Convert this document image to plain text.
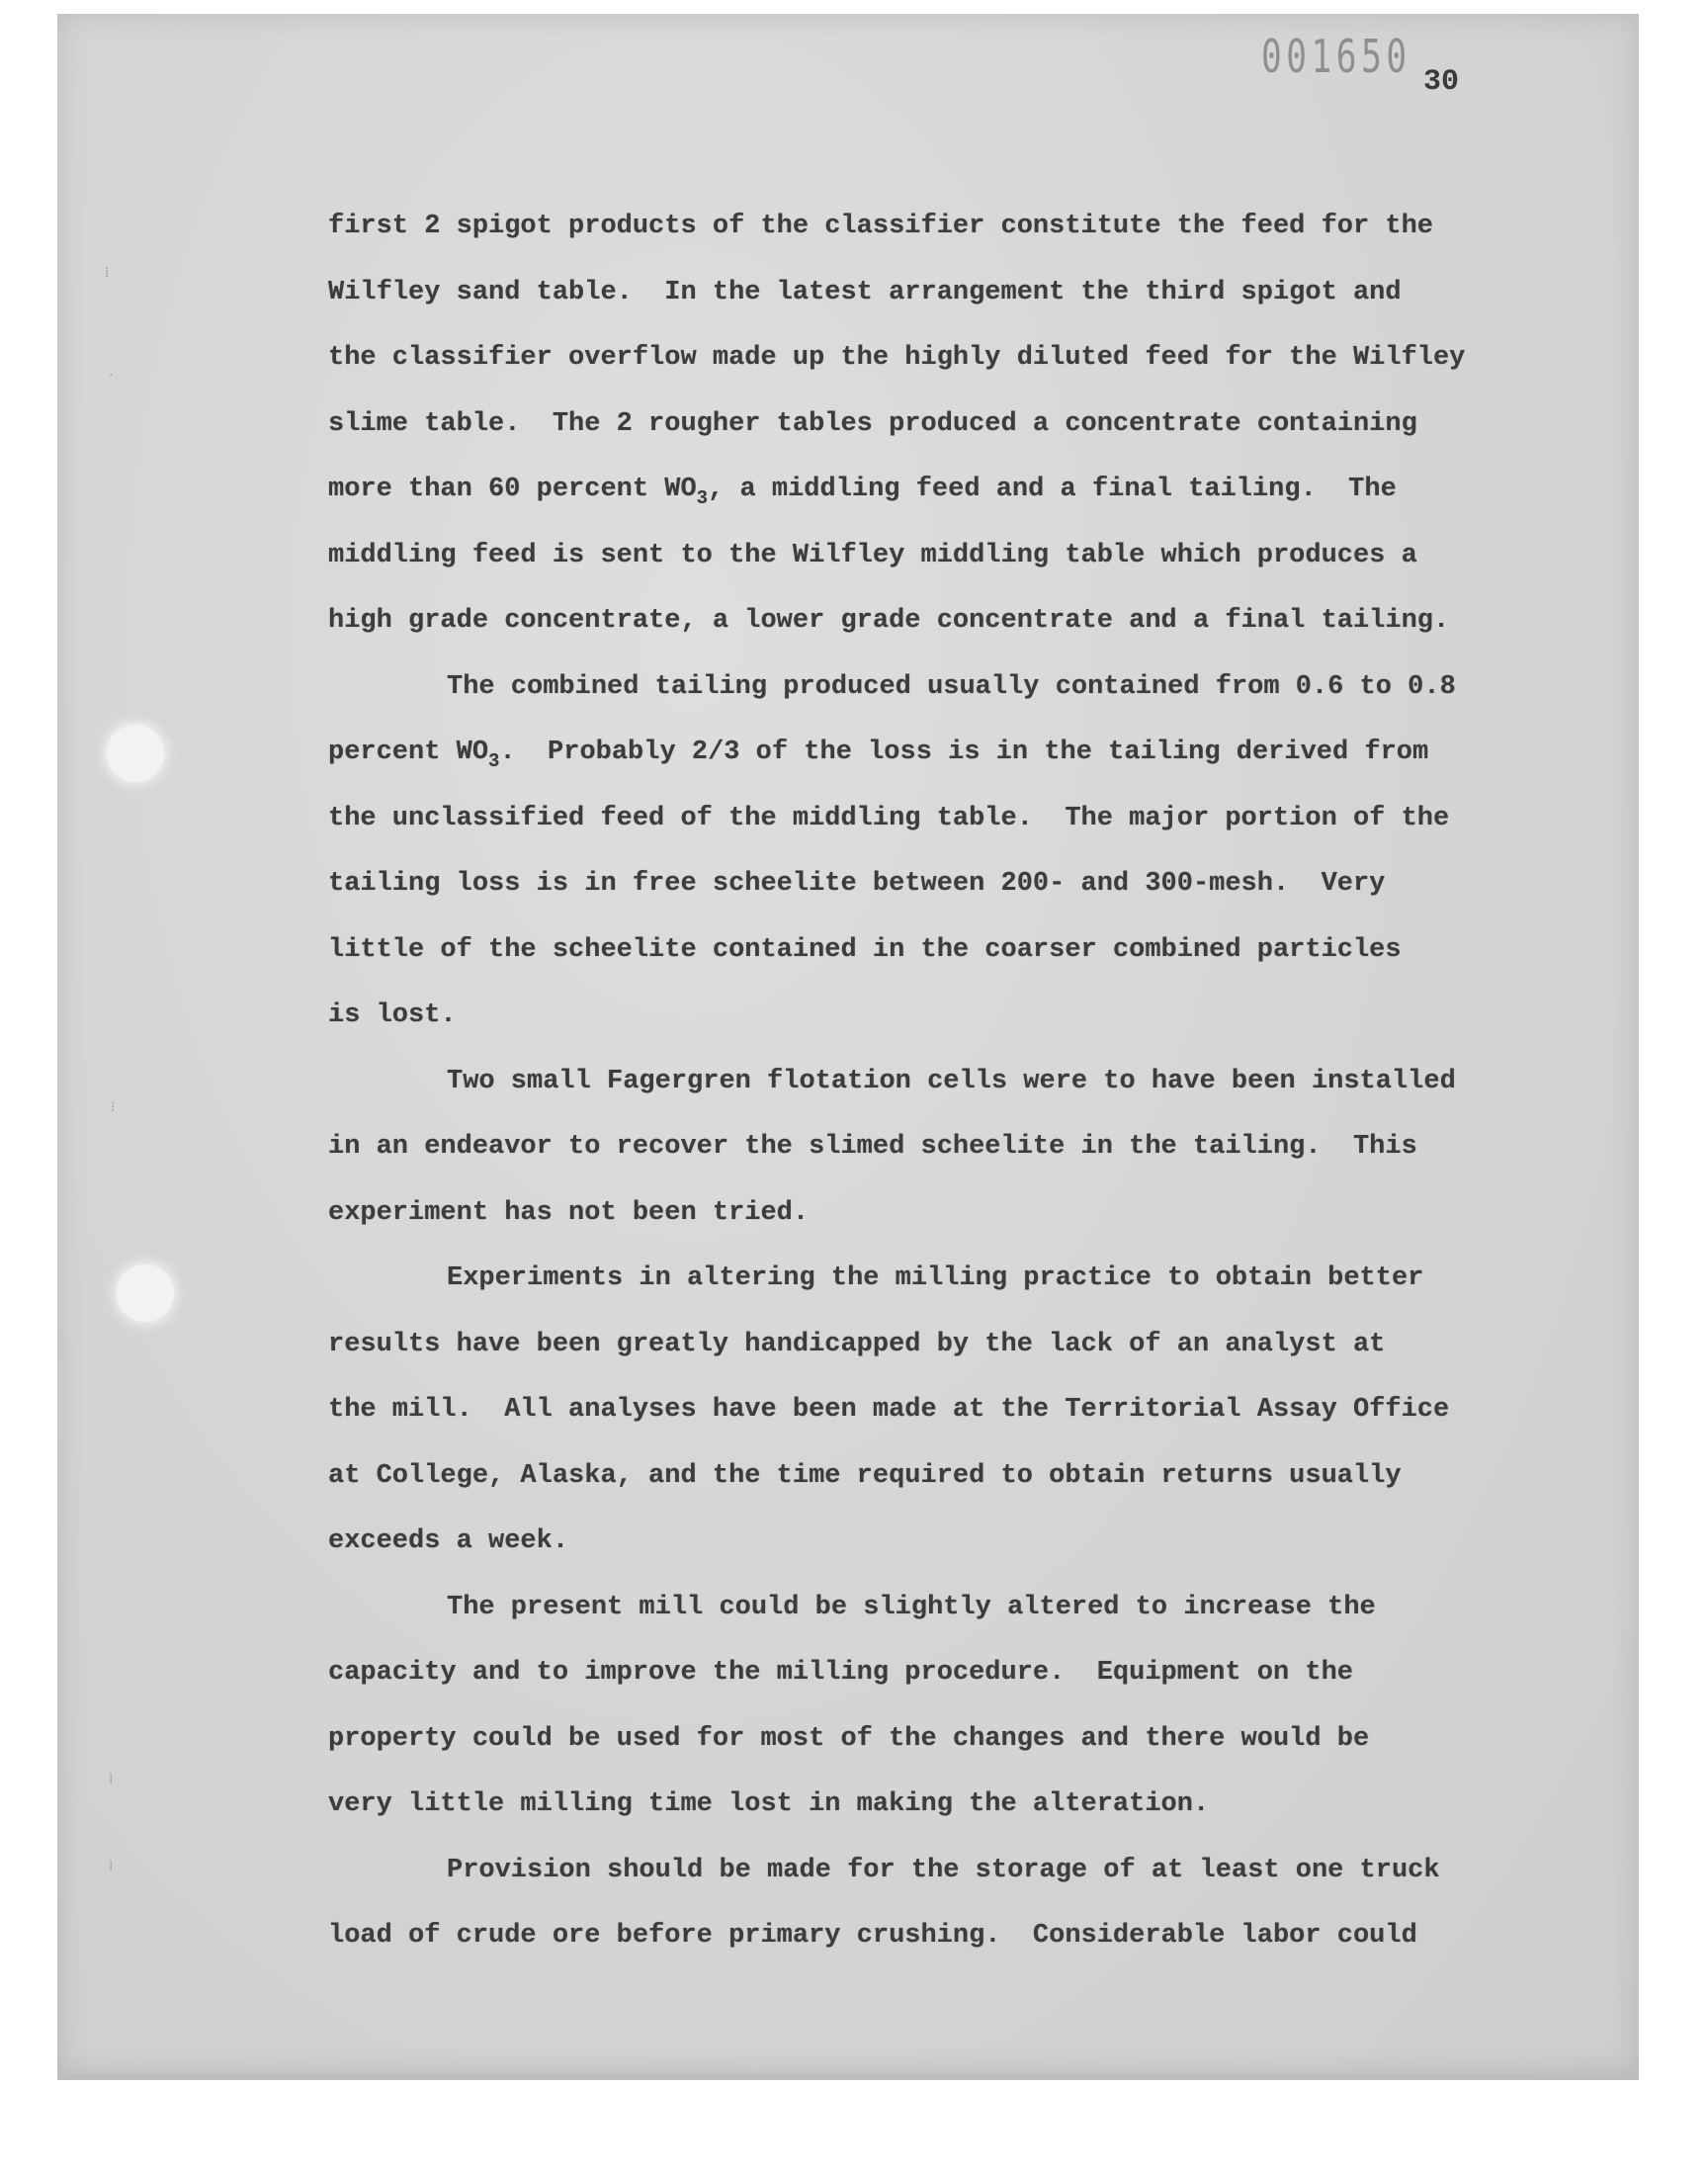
⁞
·
⁝
⁞
⁞
001650 30
first 2 spigot products of the classifier constitute the feed for the
Wilfley sand table.  In the latest arrangement the third spigot and
the classifier overflow made up the highly diluted feed for the Wilfley
slime table.  The 2 rougher tables produced a concentrate containing
more than 60 percent $WO_3$, a middling feed and a final tailing.  The
middling feed is sent to the Wilfley middling table which produces a
high grade concentrate, a lower grade concentrate and a final tailing.
The combined tailing produced usually contained from 0.6 to 0.8
percent $WO_3$.  Probably 2/3 of the loss is in the tailing derived from
the unclassified feed of the middling table.  The major portion of the
tailing loss is in free scheelite between 200- and 300-mesh.  Very
little of the scheelite contained in the coarser combined particles
is lost.
Two small Fagergren flotation cells were to have been installed
in an endeavor to recover the slimed scheelite in the tailing.  This
experiment has not been tried.
Experiments in altering the milling practice to obtain better
results have been greatly handicapped by the lack of an analyst at
the mill.  All analyses have been made at the Territorial Assay Office
at College, Alaska, and the time required to obtain returns usually
exceeds a week.
The present mill could be slightly altered to increase the
capacity and to improve the milling procedure.  Equipment on the
property could be used for most of the changes and there would be
very little milling time lost in making the alteration.
Provision should be made for the storage of at least one truck
load of crude ore before primary crushing.  Considerable labor could
